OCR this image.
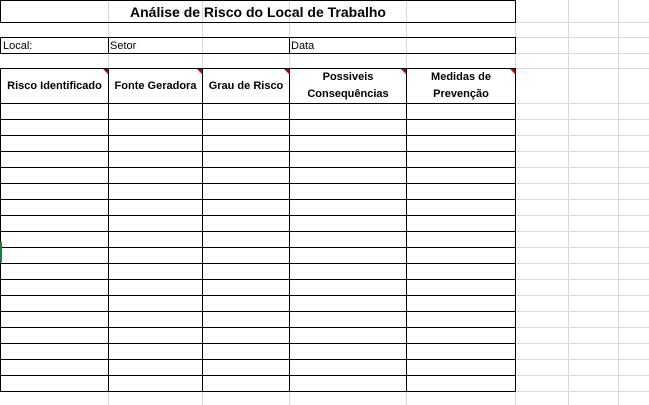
Análise de Risco do Local de Trabalho
Local:	Setor	Data
Risco Identificado Fonte Geradora Grau de Risco
Possiveis Consequências
Medidas de Prevenção
